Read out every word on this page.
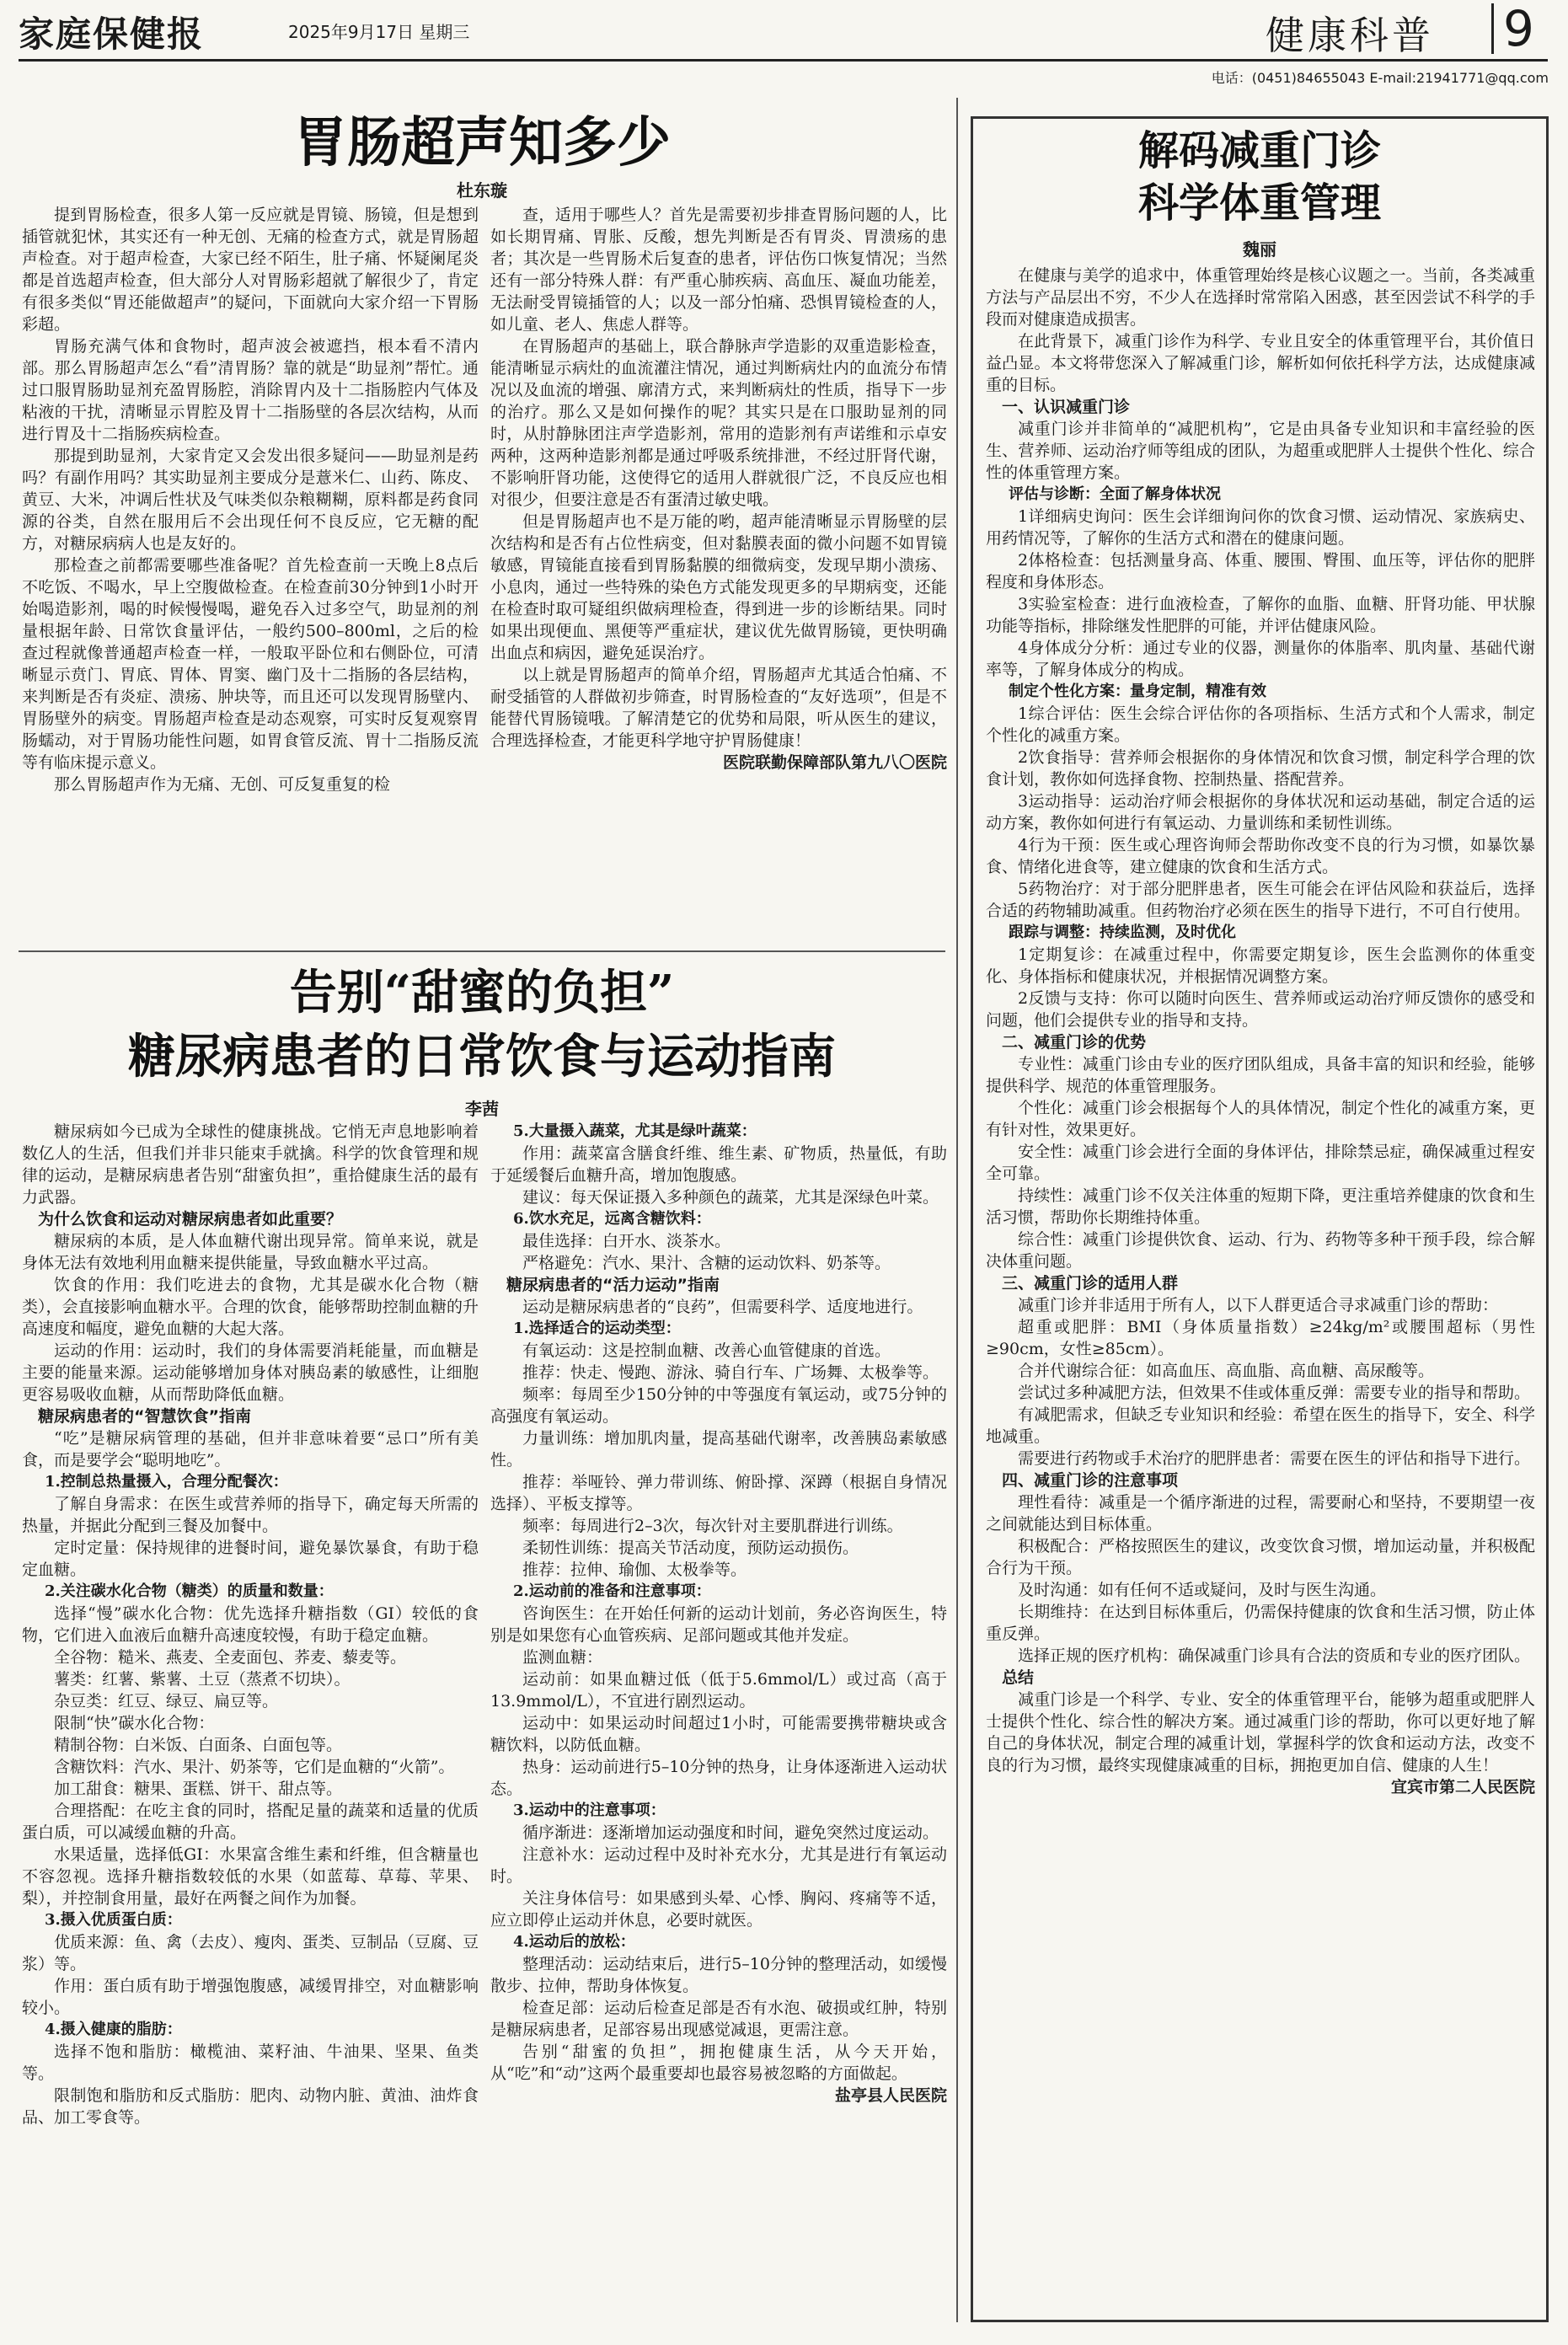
家庭保健报	2025年9月17日 星期三	健康科普 9
电话：(0451)84655043 E-mail:21941771@qq.com
胃肠超声知多少
杜东璇

提到胃肠检查，很多人第一反应就是胃镜、肠镜，但是想到插管就犯怵，其实还有一种无创、无痛的检查方式，就是胃肠超声检查。对于超声检查，大家已经不陌生，肚子痛、怀疑阑尾炎都是首选超声检查，但大部分人对胃肠彩超就了解很少了，肯定有很多类似“胃还能做超声”的疑问，下面就向大家介绍一下胃肠彩超。

胃肠充满气体和食物时，超声波会被遮挡，根本看不清内部。那么胃肠超声怎么“看”清胃肠？靠的就是“助显剂”帮忙。通过口服胃肠助显剂充盈胃肠腔，消除胃内及十二指肠腔内气体及粘液的干扰，清晰显示胃腔及胃十二指肠壁的各层次结构，从而进行胃及十二指肠疾病检查。

那提到助显剂，大家肯定又会发出很多疑问——助显剂是药吗？有副作用吗？其实助显剂主要成分是薏米仁、山药、陈皮、黄豆、大米，冲调后性状及气味类似杂粮糊糊，原料都是药食同源的谷类，自然在服用后不会出现任何不良反应，它无糖的配方，对糖尿病病人也是友好的。

那检查之前都需要哪些准备呢？首先检查前一天晚上8点后不吃饭、不喝水，早上空腹做检查。在检查前30分钟到1小时开始喝造影剂，喝的时候慢慢喝，避免吞入过多空气，助显剂的剂量根据年龄、日常饮食量评估，一般约500–800ml，之后的检查过程就像普通超声检查一样，一般取平卧位和右侧卧位，可清晰显示贲门、胃底、胃体、胃窦、幽门及十二指肠的各层结构，来判断是否有炎症、溃疡、肿块等，而且还可以发现胃肠壁内、胃肠壁外的病变。胃肠超声检查是动态观察，可实时反复观察胃肠蠕动，对于胃肠功能性问题，如胃食管反流、胃十二指肠反流等有临床提示意义。

那么胃肠超声作为无痛、无创、可反复重复的检

查，适用于哪些人？首先是需要初步排查胃肠问题的人，比如长期胃痛、胃胀、反酸，想先判断是否有胃炎、胃溃疡的患者；其次是一些胃肠术后复查的患者，评估伤口恢复情况；当然还有一部分特殊人群：有严重心肺疾病、高血压、凝血功能差，无法耐受胃镜插管的人；以及一部分怕痛、恐惧胃镜检查的人，如儿童、老人、焦虑人群等。

在胃肠超声的基础上，联合静脉声学造影的双重造影检查，能清晰显示病灶的血流灌注情况，通过判断病灶内的血流分布情况以及血流的增强、廓清方式，来判断病灶的性质，指导下一步的治疗。那么又是如何操作的呢？其实只是在口服助显剂的同时，从肘静脉团注声学造影剂，常用的造影剂有声诺维和示卓安两种，这两种造影剂都是通过呼吸系统排泄，不经过肝肾代谢，不影响肝肾功能，这使得它的适用人群就很广泛，不良反应也相对很少，但要注意是否有蛋清过敏史哦。

但是胃肠超声也不是万能的哟，超声能清晰显示胃肠壁的层次结构和是否有占位性病变，但对黏膜表面的微小问题不如胃镜敏感，胃镜能直接看到胃肠黏膜的细微病变，发现早期小溃疡、小息肉，通过一些特殊的染色方式能发现更多的早期病变，还能在检查时取可疑组织做病理检查，得到进一步的诊断结果。同时如果出现便血、黑便等严重症状，建议优先做胃肠镜，更快明确出血点和病因，避免延误治疗。

以上就是胃肠超声的简单介绍，胃肠超声尤其适合怕痛、不耐受插管的人群做初步筛查，时胃肠检查的“友好选项”，但是不能替代胃肠镜哦。了解清楚它的优势和局限，听从医生的建议，合理选择检查，才能更科学地守护胃肠健康！

医院联勤保障部队第九八〇医院

告别“甜蜜的负担”
糖尿病患者的日常饮食与运动指南
李茜

糖尿病如今已成为全球性的健康挑战。它悄无声息地影响着数亿人的生活，但我们并非只能束手就擒。科学的饮食管理和规律的运动，是糖尿病患者告别“甜蜜负担”，重拾健康生活的最有力武器。

为什么饮食和运动对糖尿病患者如此重要？

糖尿病的本质，是人体血糖代谢出现异常。简单来说，就是身体无法有效地利用血糖来提供能量，导致血糖水平过高。

饮食的作用：我们吃进去的食物，尤其是碳水化合物（糖类），会直接影响血糖水平。合理的饮食，能够帮助控制血糖的升高速度和幅度，避免血糖的大起大落。

运动的作用：运动时，我们的身体需要消耗能量，而血糖是主要的能量来源。运动能够增加身体对胰岛素的敏感性，让细胞更容易吸收血糖，从而帮助降低血糖。

糖尿病患者的“智慧饮食”指南

“吃”是糖尿病管理的基础，但并非意味着要“忌口”所有美食，而是要学会“聪明地吃”。

1.控制总热量摄入，合理分配餐次：

了解自身需求：在医生或营养师的指导下，确定每天所需的热量，并据此分配到三餐及加餐中。

定时定量：保持规律的进餐时间，避免暴饮暴食，有助于稳定血糖。

2.关注碳水化合物（糖类）的质量和数量：

选择“慢”碳水化合物：优先选择升糖指数（GI）较低的食物，它们进入血液后血糖升高速度较慢，有助于稳定血糖。

全谷物：糙米、燕麦、全麦面包、荞麦、藜麦等。

薯类：红薯、紫薯、土豆（蒸煮不切块）。

杂豆类：红豆、绿豆、扁豆等。

限制“快”碳水化合物：

精制谷物：白米饭、白面条、白面包等。

含糖饮料：汽水、果汁、奶茶等，它们是血糖的“火箭”。

加工甜食：糖果、蛋糕、饼干、甜点等。

合理搭配：在吃主食的同时，搭配足量的蔬菜和适量的优质蛋白质，可以减缓血糖的升高。

水果适量，选择低GI：水果富含维生素和纤维，但含糖量也不容忽视。选择升糖指数较低的水果（如蓝莓、草莓、苹果、梨），并控制食用量，最好在两餐之间作为加餐。

3.摄入优质蛋白质：

优质来源：鱼、禽（去皮）、瘦肉、蛋类、豆制品（豆腐、豆浆）等。

作用：蛋白质有助于增强饱腹感，减缓胃排空，对血糖影响较小。

4.摄入健康的脂肪：

选择不饱和脂肪：橄榄油、菜籽油、牛油果、坚果、鱼类等。

限制饱和脂肪和反式脂肪：肥肉、动物内脏、黄油、油炸食品、加工零食等。

5.大量摄入蔬菜，尤其是绿叶蔬菜：

作用：蔬菜富含膳食纤维、维生素、矿物质，热量低，有助于延缓餐后血糖升高，增加饱腹感。

建议：每天保证摄入多种颜色的蔬菜，尤其是深绿色叶菜。

6.饮水充足，远离含糖饮料：

最佳选择：白开水、淡茶水。

严格避免：汽水、果汁、含糖的运动饮料、奶茶等。

糖尿病患者的“活力运动”指南

运动是糖尿病患者的“良药”，但需要科学、适度地进行。

1.选择适合的运动类型：

有氧运动：这是控制血糖、改善心血管健康的首选。

推荐：快走、慢跑、游泳、骑自行车、广场舞、太极拳等。

频率：每周至少150分钟的中等强度有氧运动，或75分钟的高强度有氧运动。

力量训练：增加肌肉量，提高基础代谢率，改善胰岛素敏感性。

推荐：举哑铃、弹力带训练、俯卧撑、深蹲（根据自身情况选择）、平板支撑等。

频率：每周进行2–3次，每次针对主要肌群进行训练。

柔韧性训练：提高关节活动度，预防运动损伤。

推荐：拉伸、瑜伽、太极拳等。

2.运动前的准备和注意事项：

咨询医生：在开始任何新的运动计划前，务必咨询医生，特别是如果您有心血管疾病、足部问题或其他并发症。

监测血糖：

运动前：如果血糖过低（低于5.6mmol/L）或过高（高于13.9mmol/L），不宜进行剧烈运动。

运动中：如果运动时间超过1小时，可能需要携带糖块或含糖饮料，以防低血糖。

热身：运动前进行5–10分钟的热身，让身体逐渐进入运动状态。

3.运动中的注意事项：

循序渐进：逐渐增加运动强度和时间，避免突然过度运动。

注意补水：运动过程中及时补充水分，尤其是进行有氧运动时。

关注身体信号：如果感到头晕、心悸、胸闷、疼痛等不适，应立即停止运动并休息，必要时就医。

4.运动后的放松：

整理活动：运动结束后，进行5–10分钟的整理活动，如缓慢散步、拉伸，帮助身体恢复。

检查足部：运动后检查足部是否有水泡、破损或红肿，特别是糖尿病患者，足部容易出现感觉减退，更需注意。

告别“甜蜜的负担”，拥抱健康生活，从今天开始，从“吃”和“动”这两个最重要却也最容易被忽略的方面做起。

盐亭县人民医院

解码减重门诊
科学体重管理
魏丽

在健康与美学的追求中，体重管理始终是核心议题之一。当前，各类减重方法与产品层出不穷，不少人在选择时常常陷入困惑，甚至因尝试不科学的手段而对健康造成损害。

在此背景下，减重门诊作为科学、专业且安全的体重管理平台，其价值日益凸显。本文将带您深入了解减重门诊，解析如何依托科学方法，达成健康减重的目标。

一、认识减重门诊

减重门诊并非简单的“减肥机构”，它是由具备专业知识和丰富经验的医生、营养师、运动治疗师等组成的团队，为超重或肥胖人士提供个性化、综合性的体重管理方案。

评估与诊断：全面了解身体状况

1详细病史询问：医生会详细询问你的饮食习惯、运动情况、家族病史、用药情况等，了解你的生活方式和潜在的健康问题。

2体格检查：包括测量身高、体重、腰围、臀围、血压等，评估你的肥胖程度和身体形态。

3实验室检查：进行血液检查，了解你的血脂、血糖、肝肾功能、甲状腺功能等指标，排除继发性肥胖的可能，并评估健康风险。

4身体成分分析：通过专业的仪器，测量你的体脂率、肌肉量、基础代谢率等，了解身体成分的构成。

制定个性化方案：量身定制，精准有效

1综合评估：医生会综合评估你的各项指标、生活方式和个人需求，制定个性化的减重方案。

2饮食指导：营养师会根据你的身体情况和饮食习惯，制定科学合理的饮食计划，教你如何选择食物、控制热量、搭配营养。

3运动指导：运动治疗师会根据你的身体状况和运动基础，制定合适的运动方案，教你如何进行有氧运动、力量训练和柔韧性训练。

4行为干预：医生或心理咨询师会帮助你改变不良的行为习惯，如暴饮暴食、情绪化进食等，建立健康的饮食和生活方式。

5药物治疗：对于部分肥胖患者，医生可能会在评估风险和获益后，选择合适的药物辅助减重。但药物治疗必须在医生的指导下进行，不可自行使用。

跟踪与调整：持续监测，及时优化

1定期复诊：在减重过程中，你需要定期复诊，医生会监测你的体重变化、身体指标和健康状况，并根据情况调整方案。

2反馈与支持：你可以随时向医生、营养师或运动治疗师反馈你的感受和问题，他们会提供专业的指导和支持。

二、减重门诊的优势

专业性：减重门诊由专业的医疗团队组成，具备丰富的知识和经验，能够提供科学、规范的体重管理服务。

个性化：减重门诊会根据每个人的具体情况，制定个性化的减重方案，更有针对性，效果更好。

安全性：减重门诊会进行全面的身体评估，排除禁忌症，确保减重过程安全可靠。

持续性：减重门诊不仅关注体重的短期下降，更注重培养健康的饮食和生活习惯，帮助你长期维持体重。

综合性：减重门诊提供饮食、运动、行为、药物等多种干预手段，综合解决体重问题。

三、减重门诊的适用人群

减重门诊并非适用于所有人，以下人群更适合寻求减重门诊的帮助：

超重或肥胖：BMI（身体质量指数）≥24kg/m²或腰围超标（男性≥90cm，女性≥85cm）。

合并代谢综合征：如高血压、高血脂、高血糖、高尿酸等。

尝试过多种减肥方法，但效果不佳或体重反弹：需要专业的指导和帮助。

有减肥需求，但缺乏专业知识和经验：希望在医生的指导下，安全、科学地减重。

需要进行药物或手术治疗的肥胖患者：需要在医生的评估和指导下进行。

四、减重门诊的注意事项

理性看待：减重是一个循序渐进的过程，需要耐心和坚持，不要期望一夜之间就能达到目标体重。

积极配合：严格按照医生的建议，改变饮食习惯，增加运动量，并积极配合行为干预。

及时沟通：如有任何不适或疑问，及时与医生沟通。

长期维持：在达到目标体重后，仍需保持健康的饮食和生活习惯，防止体重反弹。

选择正规的医疗机构：确保减重门诊具有合法的资质和专业的医疗团队。

总结

减重门诊是一个科学、专业、安全的体重管理平台，能够为超重或肥胖人士提供个性化、综合性的解决方案。通过减重门诊的帮助，你可以更好地了解自己的身体状况，制定合理的减重计划，掌握科学的饮食和运动方法，改变不良的行为习惯，最终实现健康减重的目标，拥抱更加自信、健康的人生！

宜宾市第二人民医院
